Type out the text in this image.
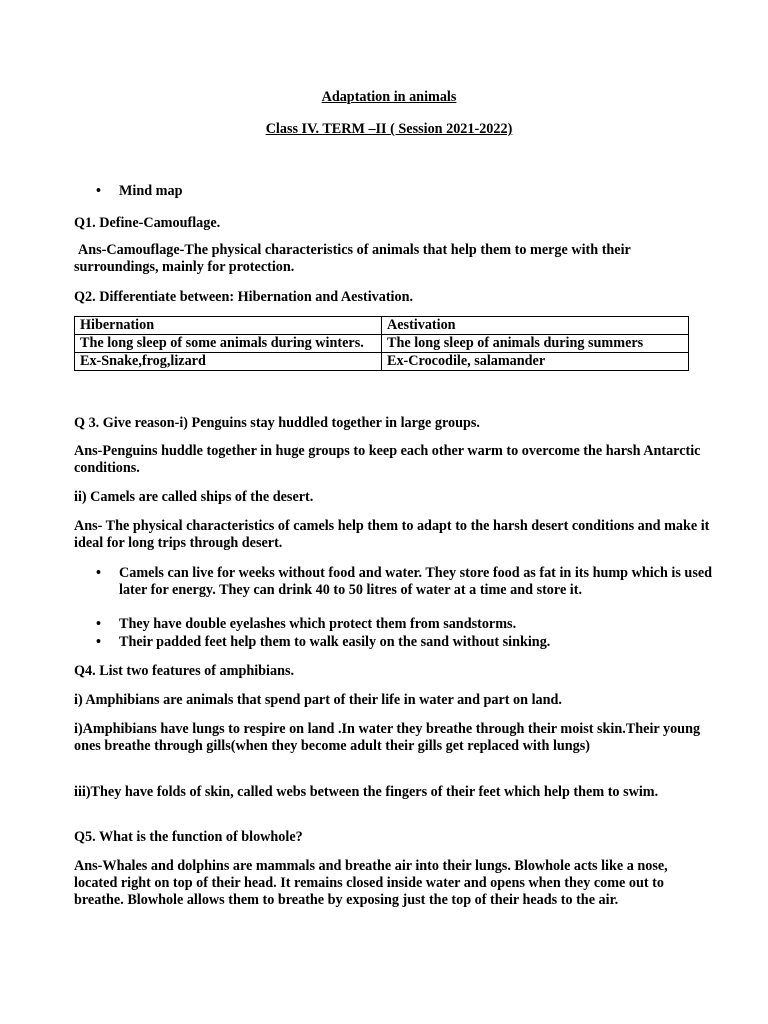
Adaptation in animals
Class IV. TERM –II ( Session 2021-2022)
• Mind map
Q1. Define-Camouflage.
Ans-Camouflage-The physical characteristics of animals that help them to merge with their surroundings, mainly for protection.
Q2. Differentiate between: Hibernation and Aestivation.
Hibernation	Aestivation
The long sleep of some animals during winters.	The long sleep of animals during summers
Ex-Snake,frog,lizard	Ex-Crocodile, salamander
Q 3. Give reason-i) Penguins stay huddled together in large groups.
Ans-Penguins huddle together in huge groups to keep each other warm to overcome the harsh Antarctic conditions.
ii) Camels are called ships of the desert.
Ans- The physical characteristics of camels help them to adapt to the harsh desert conditions and make it ideal for long trips through desert.
• Camels can live for weeks without food and water. They store food as fat in its hump which is used later for energy. They can drink 40 to 50 litres of water at a time and store it.
• They have double eyelashes which protect them from sandstorms.
• Their padded feet help them to walk easily on the sand without sinking.
Q4. List two features of amphibians.
i) Amphibians are animals that spend part of their life in water and part on land.
i)Amphibians have lungs to respire on land .In water they breathe through their moist skin.Their young ones breathe through gills(when they become adult their gills get replaced with lungs)
iii)They have folds of skin, called webs between the fingers of their feet which help them to swim.
Q5. What is the function of blowhole?
Ans-Whales and dolphins are mammals and breathe air into their lungs. Blowhole acts like a nose, located right on top of their head. It remains closed inside water and opens when they come out to breathe. Blowhole allows them to breathe by exposing just the top of their heads to the air.
